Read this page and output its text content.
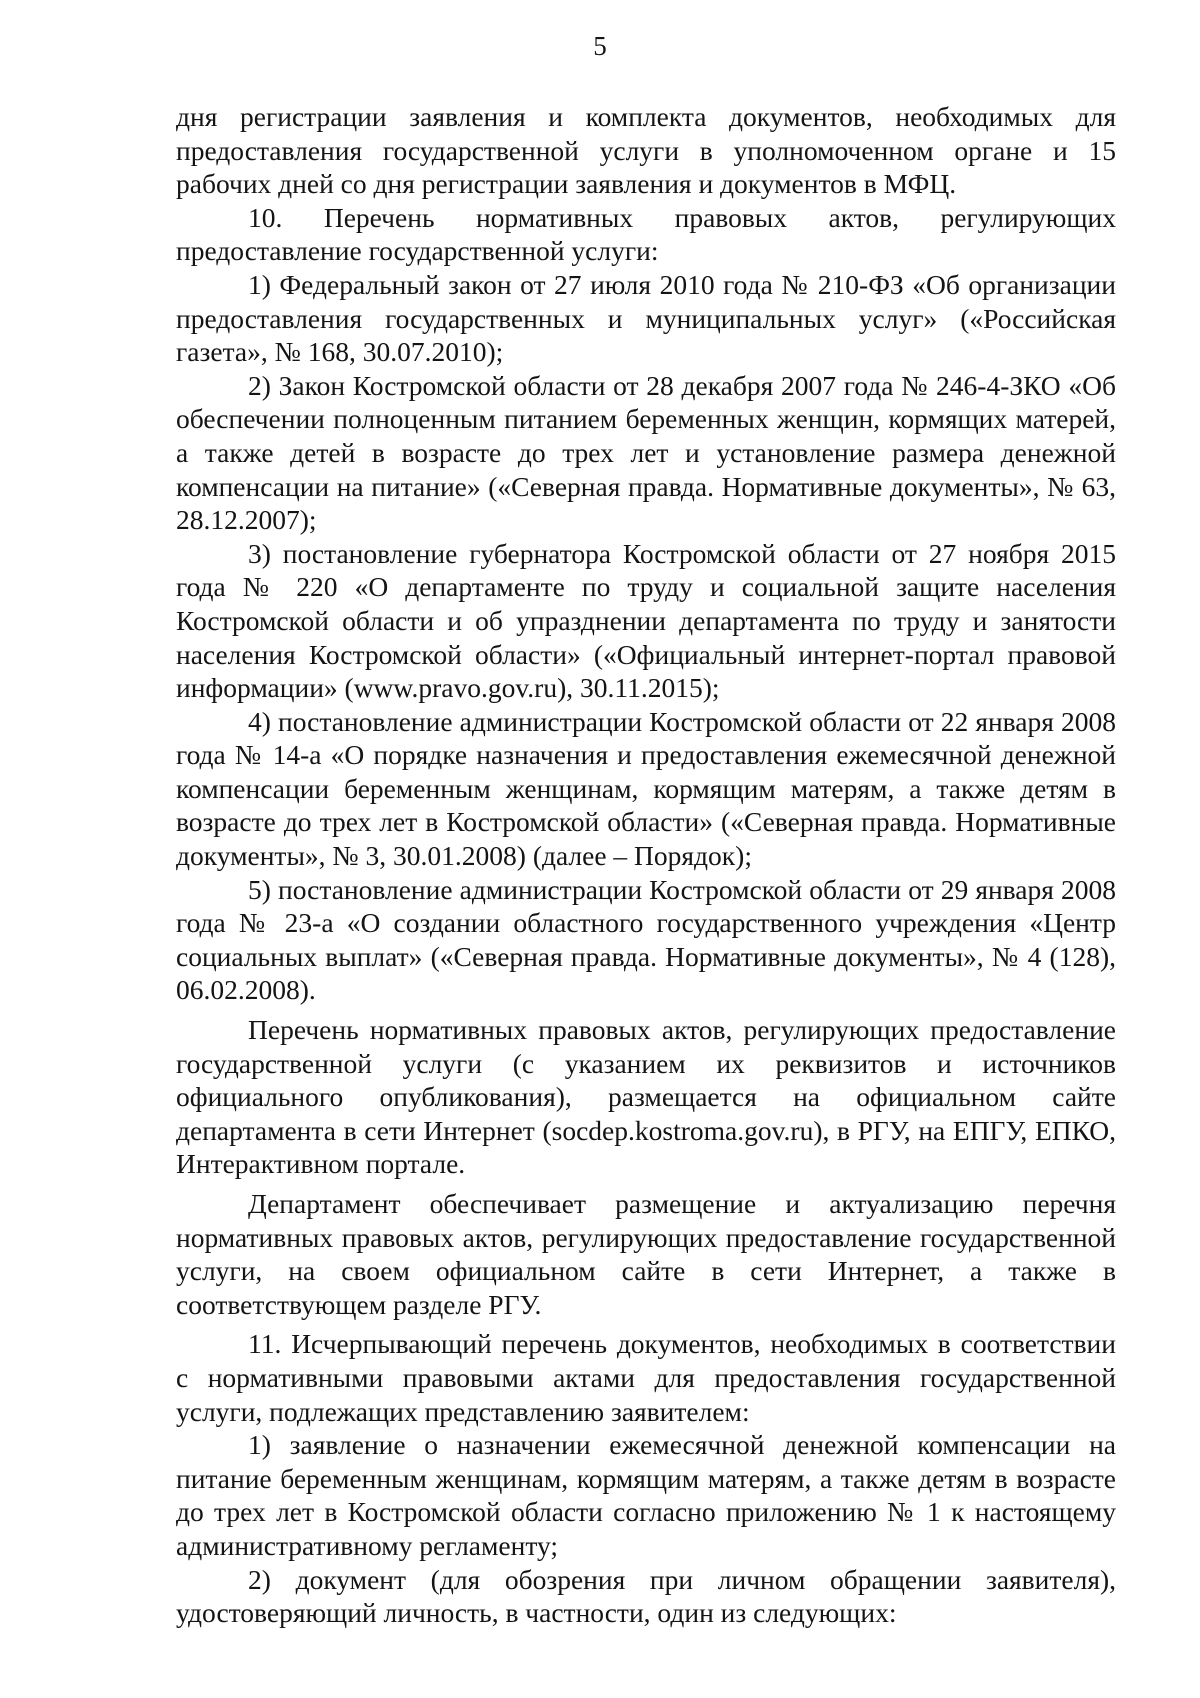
5

дня регистрации заявления и комплекта документов, необходимых для предоставления государственной услуги в уполномоченном органе и 15 рабочих дней со дня регистрации заявления и документов в МФЦ.

10. Перечень нормативных правовых актов, регулирующих предоставление государственной услуги:

1) Федеральный закон от 27 июля 2010 года № 210-ФЗ «Об организации предоставления государственных и муниципальных услуг» («Российская газета», № 168, 30.07.2010);

2) Закон Костромской области от 28 декабря 2007 года № 246-4-ЗКО «Об обеспечении полноценным питанием беременных женщин, кормящих матерей, а также детей в возрасте до трех лет и установление размера денежной компенсации на питание» («Северная правда. Нормативные документы», № 63, 28.12.2007);

3) постановление губернатора Костромской области от 27 ноября 2015 года № 220 «О департаменте по труду и социальной защите населения Костромской области и об упразднении департамента по труду и занятости населения Костромской области» («Официальный интернет-портал правовой информации» (www.pravo.gov.ru), 30.11.2015);

4) постановление администрации Костромской области от 22 января 2008 года № 14-а «О порядке назначения и предоставления ежемесячной денежной компенсации беременным женщинам, кормящим матерям, а также детям в возрасте до трех лет в Костромской области» («Северная правда. Нормативные документы», № 3, 30.01.2008) (далее – Порядок);

5) постановление администрации Костромской области от 29 января 2008 года № 23-а «О создании областного государственного учреждения «Центр социальных выплат» («Северная правда. Нормативные документы», № 4 (128), 06.02.2008).

Перечень нормативных правовых актов, регулирующих предоставление государственной услуги (с указанием их реквизитов и источников официального опубликования), размещается на официальном сайте департамента в сети Интернет (socdep.kostroma.gov.ru), в РГУ, на ЕПГУ, ЕПКО, Интерактивном портале.

Департамент обеспечивает размещение и актуализацию перечня нормативных правовых актов, регулирующих предоставление государственной услуги, на своем официальном сайте в сети Интернет, а также в соответствующем разделе РГУ.

11. Исчерпывающий перечень документов, необходимых в соответствии с нормативными правовыми актами для предоставления государственной услуги, подлежащих представлению заявителем:

1) заявление о назначении ежемесячной денежной компенсации на питание беременным женщинам, кормящим матерям, а также детям в возрасте до трех лет в Костромской области согласно приложению № 1 к настоящему административному регламенту;

2) документ (для обозрения при личном обращении заявителя), удостоверяющий личность, в частности, один из следующих:
